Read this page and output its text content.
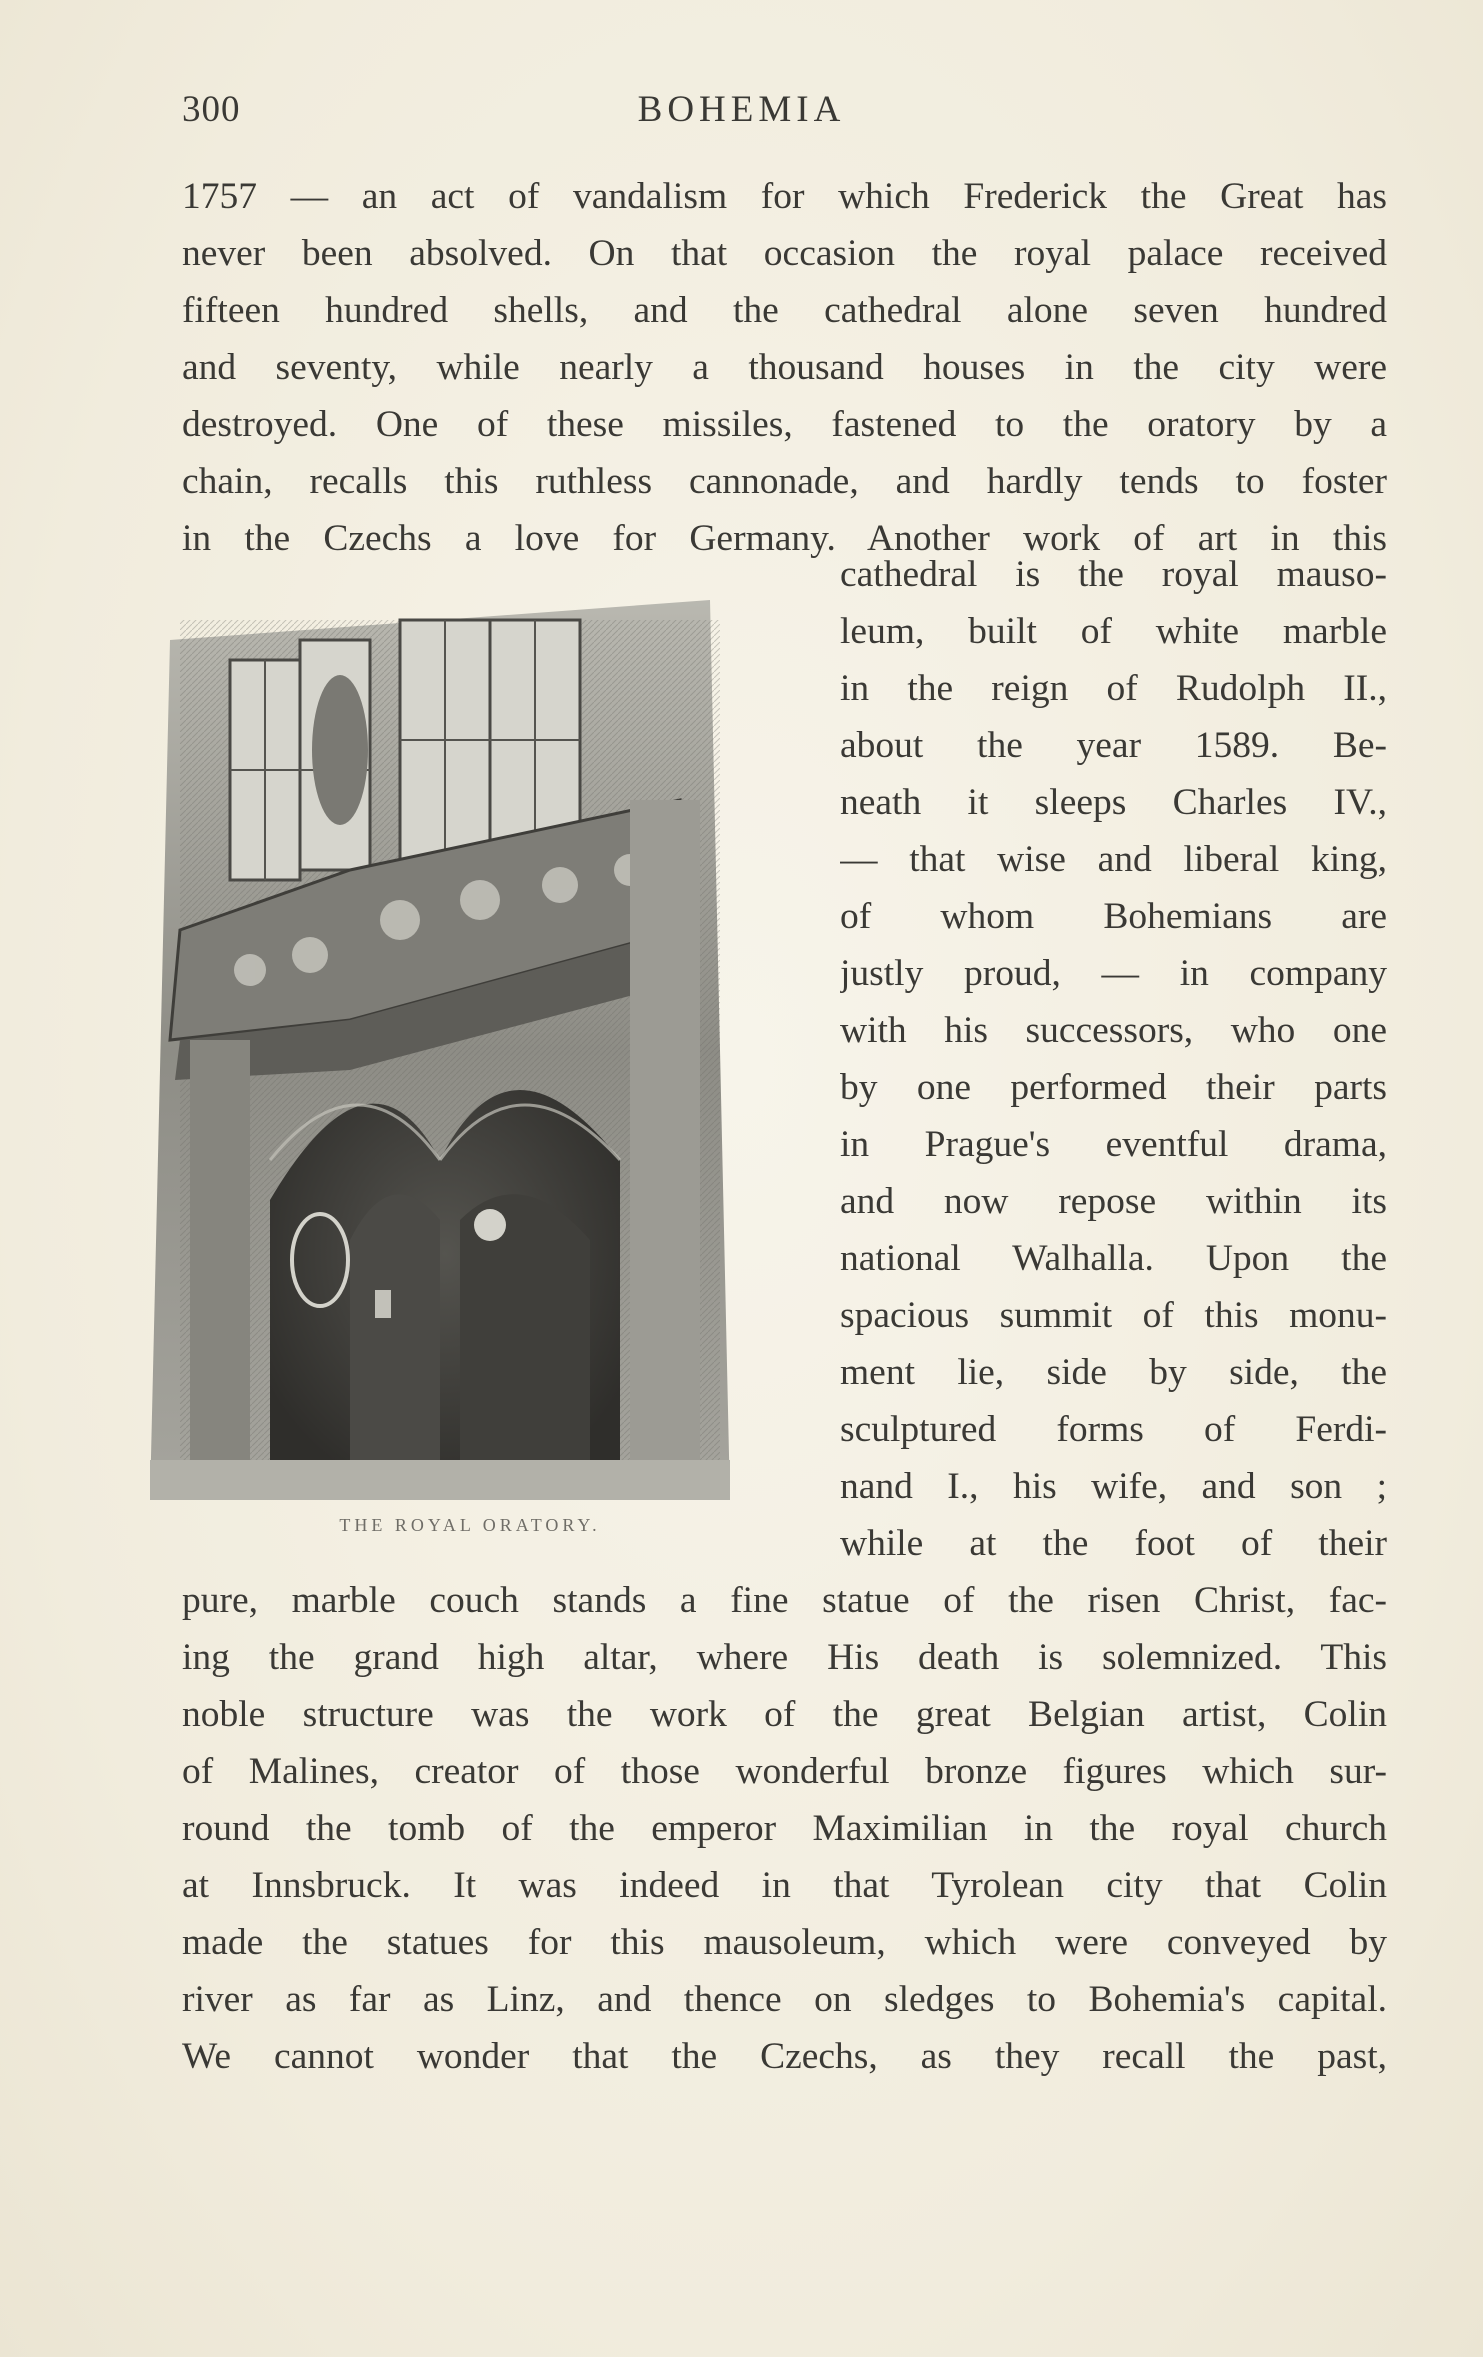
300	BOHEMIA
1757 — an act of vandalism for which Frederick the Great has
never been absolved. On that occasion the royal palace received
fifteen hundred shells, and the cathedral alone seven hundred
and seventy, while nearly a thousand houses in the city were
destroyed. One of these missiles, fastened to the oratory by a
chain, recalls this ruthless cannonade, and hardly tends to foster
in the Czechs a love for Germany. Another work of art in this
THE ROYAL ORATORY.
cathedral is the royal mauso-
leum, built of white marble
in the reign of Rudolph II.,
about the year 1589. Be-
neath it sleeps Charles IV.,
— that wise and liberal king,
of whom Bohemians are
justly proud, — in company
with his successors, who one
by one performed their parts
in Prague's eventful drama,
and now repose within its
national Walhalla. Upon the
spacious summit of this monu-
ment lie, side by side, the
sculptured forms of Ferdi-
nand I., his wife, and son ;
while at the foot of their
pure, marble couch stands a fine statue of the risen Christ, fac-
ing the grand high altar, where His death is solemnized. This
noble structure was the work of the great Belgian artist, Colin
of Malines, creator of those wonderful bronze figures which sur-
round the tomb of the emperor Maximilian in the royal church
at Innsbruck. It was indeed in that Tyrolean city that Colin
made the statues for this mausoleum, which were conveyed by
river as far as Linz, and thence on sledges to Bohemia's capital.
We cannot wonder that the Czechs, as they recall the past,
